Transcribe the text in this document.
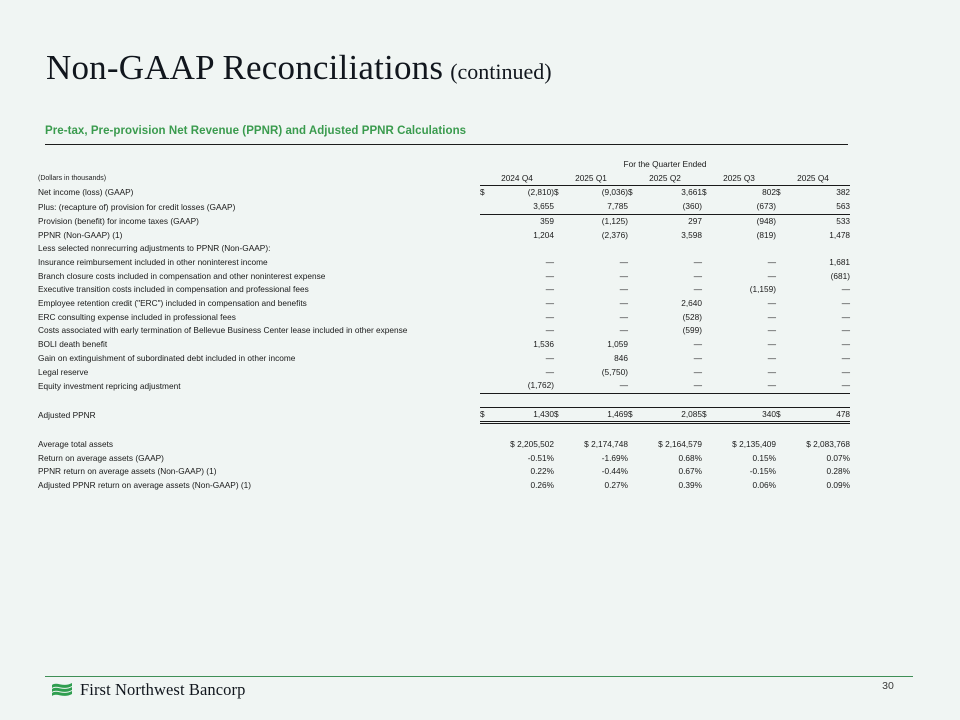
Non-GAAP Reconciliations (continued)
Pre-tax, Pre-provision Net Revenue (PPNR) and Adjusted PPNR Calculations
	For the Quarter Ended									
(Dollars in thousands)	2024 Q4		2025 Q1		2025 Q2		2025 Q3		2025 Q4	
Net income (loss) (GAAP)	$	(2,810)	$	(9,036)	$	3,661	$	802	$	382
Plus: (recapture of) provision for credit losses (GAAP)		3,655		7,785		(360)		(673)		563
Provision (benefit) for income taxes (GAAP)		359		(1,125)		297		(948)		533
PPNR (Non-GAAP) (1)		1,204		(2,376)		3,598		(819)		1,478
Less selected nonrecurring adjustments to PPNR (Non-GAAP):										
Insurance reimbursement included in other noninterest income		—		—		—		—		1,681
Branch closure costs included in compensation and other noninterest expense		—		—		—		—		(681)
Executive transition costs included in compensation and professional fees		—		—		—		(1,159)		—
Employee retention credit ("ERC") included in compensation and benefits		—		—		2,640		—		—
ERC consulting expense included in professional fees		—		—		(528)		—		—
Costs associated with early termination of Bellevue Business Center lease included in other expense		—		—		(599)		—		—
BOLI death benefit		1,536		1,059		—		—		—
Gain on extinguishment of subordinated debt included in other income		—		846		—		—		—
Legal reserve		—		(5,750)		—		—		—
Equity investment repricing adjustment		(1,762)		—		—		—		—

Adjusted PPNR	$	1,430	$	1,469	$	2,085	$	340	$	478

Average total assets		$ 2,205,502		$ 2,174,748		$ 2,164,579		$ 2,135,409		$ 2,083,768
Return on average assets (GAAP)		-0.51%		-1.69%		0.68%		0.15%		0.07%
PPNR return on average assets (Non-GAAP) (1)		0.22%		-0.44%		0.67%		-0.15%		0.28%
Adjusted PPNR return on average assets (Non-GAAP) (1)		0.26%		0.27%		0.39%		0.06%		0.09%
First Northwest Bancorp	30
